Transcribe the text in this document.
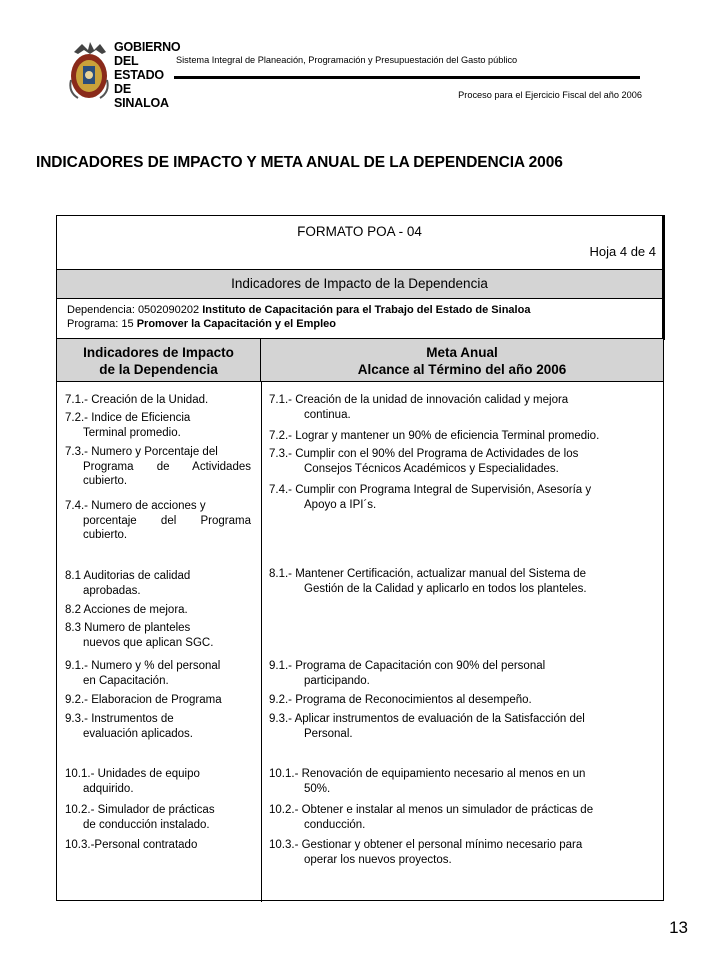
GOBIERNO
DEL ESTADO
DE SINALOA
Sistema Integral de Planeación, Programación y Presupuestación del Gasto público
Proceso para el Ejercicio Fiscal del año 2006
INDICADORES DE IMPACTO Y META ANUAL DE LA DEPENDENCIA 2006
FORMATO POA - 04
Hoja 4 de 4
Indicadores de Impacto de la Dependencia
Dependencia: 0502090202 Instituto de Capacitación para el Trabajo del Estado de Sinaloa
Programa: 15 Promover la Capacitación y el Empleo
Indicadores de Impacto
de la Dependencia
Meta Anual
Alcance al Término del año 2006
7.1.- Creación de la Unidad.
7.2.- Indice de Eficiencia
Terminal promedio.
7.3.- Numero y Porcentaje del
Programa de Actividades cubierto.
7.4.- Numero de acciones y
porcentaje del Programa cubierto.
8.1 Auditorias de calidad
aprobadas.
8.2 Acciones de mejora.
8.3 Numero de planteles
nuevos que aplican SGC.
9.1.- Numero y % del personal
en Capacitación.
9.2.- Elaboracion de Programa
9.3.- Instrumentos de
evaluación aplicados.
10.1.- Unidades de equipo
adquirido.
10.2.- Simulador de prácticas
de conducción instalado.
10.3.-Personal contratado
7.1.- Creación de la unidad de innovación calidad y mejora
continua.
7.2.- Lograr y mantener un 90% de eficiencia Terminal promedio.
7.3.- Cumplir con el 90% del Programa de Actividades de los
Consejos Técnicos Académicos y Especialidades.
7.4.- Cumplir con Programa Integral de Supervisión, Asesoría y
Apoyo a IPI´s.
8.1.- Mantener Certificación, actualizar manual del Sistema de
Gestión de la Calidad y aplicarlo en todos los planteles.
9.1.- Programa de Capacitación con 90% del personal
participando.
9.2.- Programa de Reconocimientos al desempeño.
9.3.- Aplicar instrumentos de evaluación de la Satisfacción del
Personal.
10.1.- Renovación de equipamiento necesario al menos en un
50%.
10.2.- Obtener e instalar al menos un simulador de prácticas de
conducción.
10.3.- Gestionar y obtener el personal mínimo necesario para
operar los nuevos proyectos.
13
